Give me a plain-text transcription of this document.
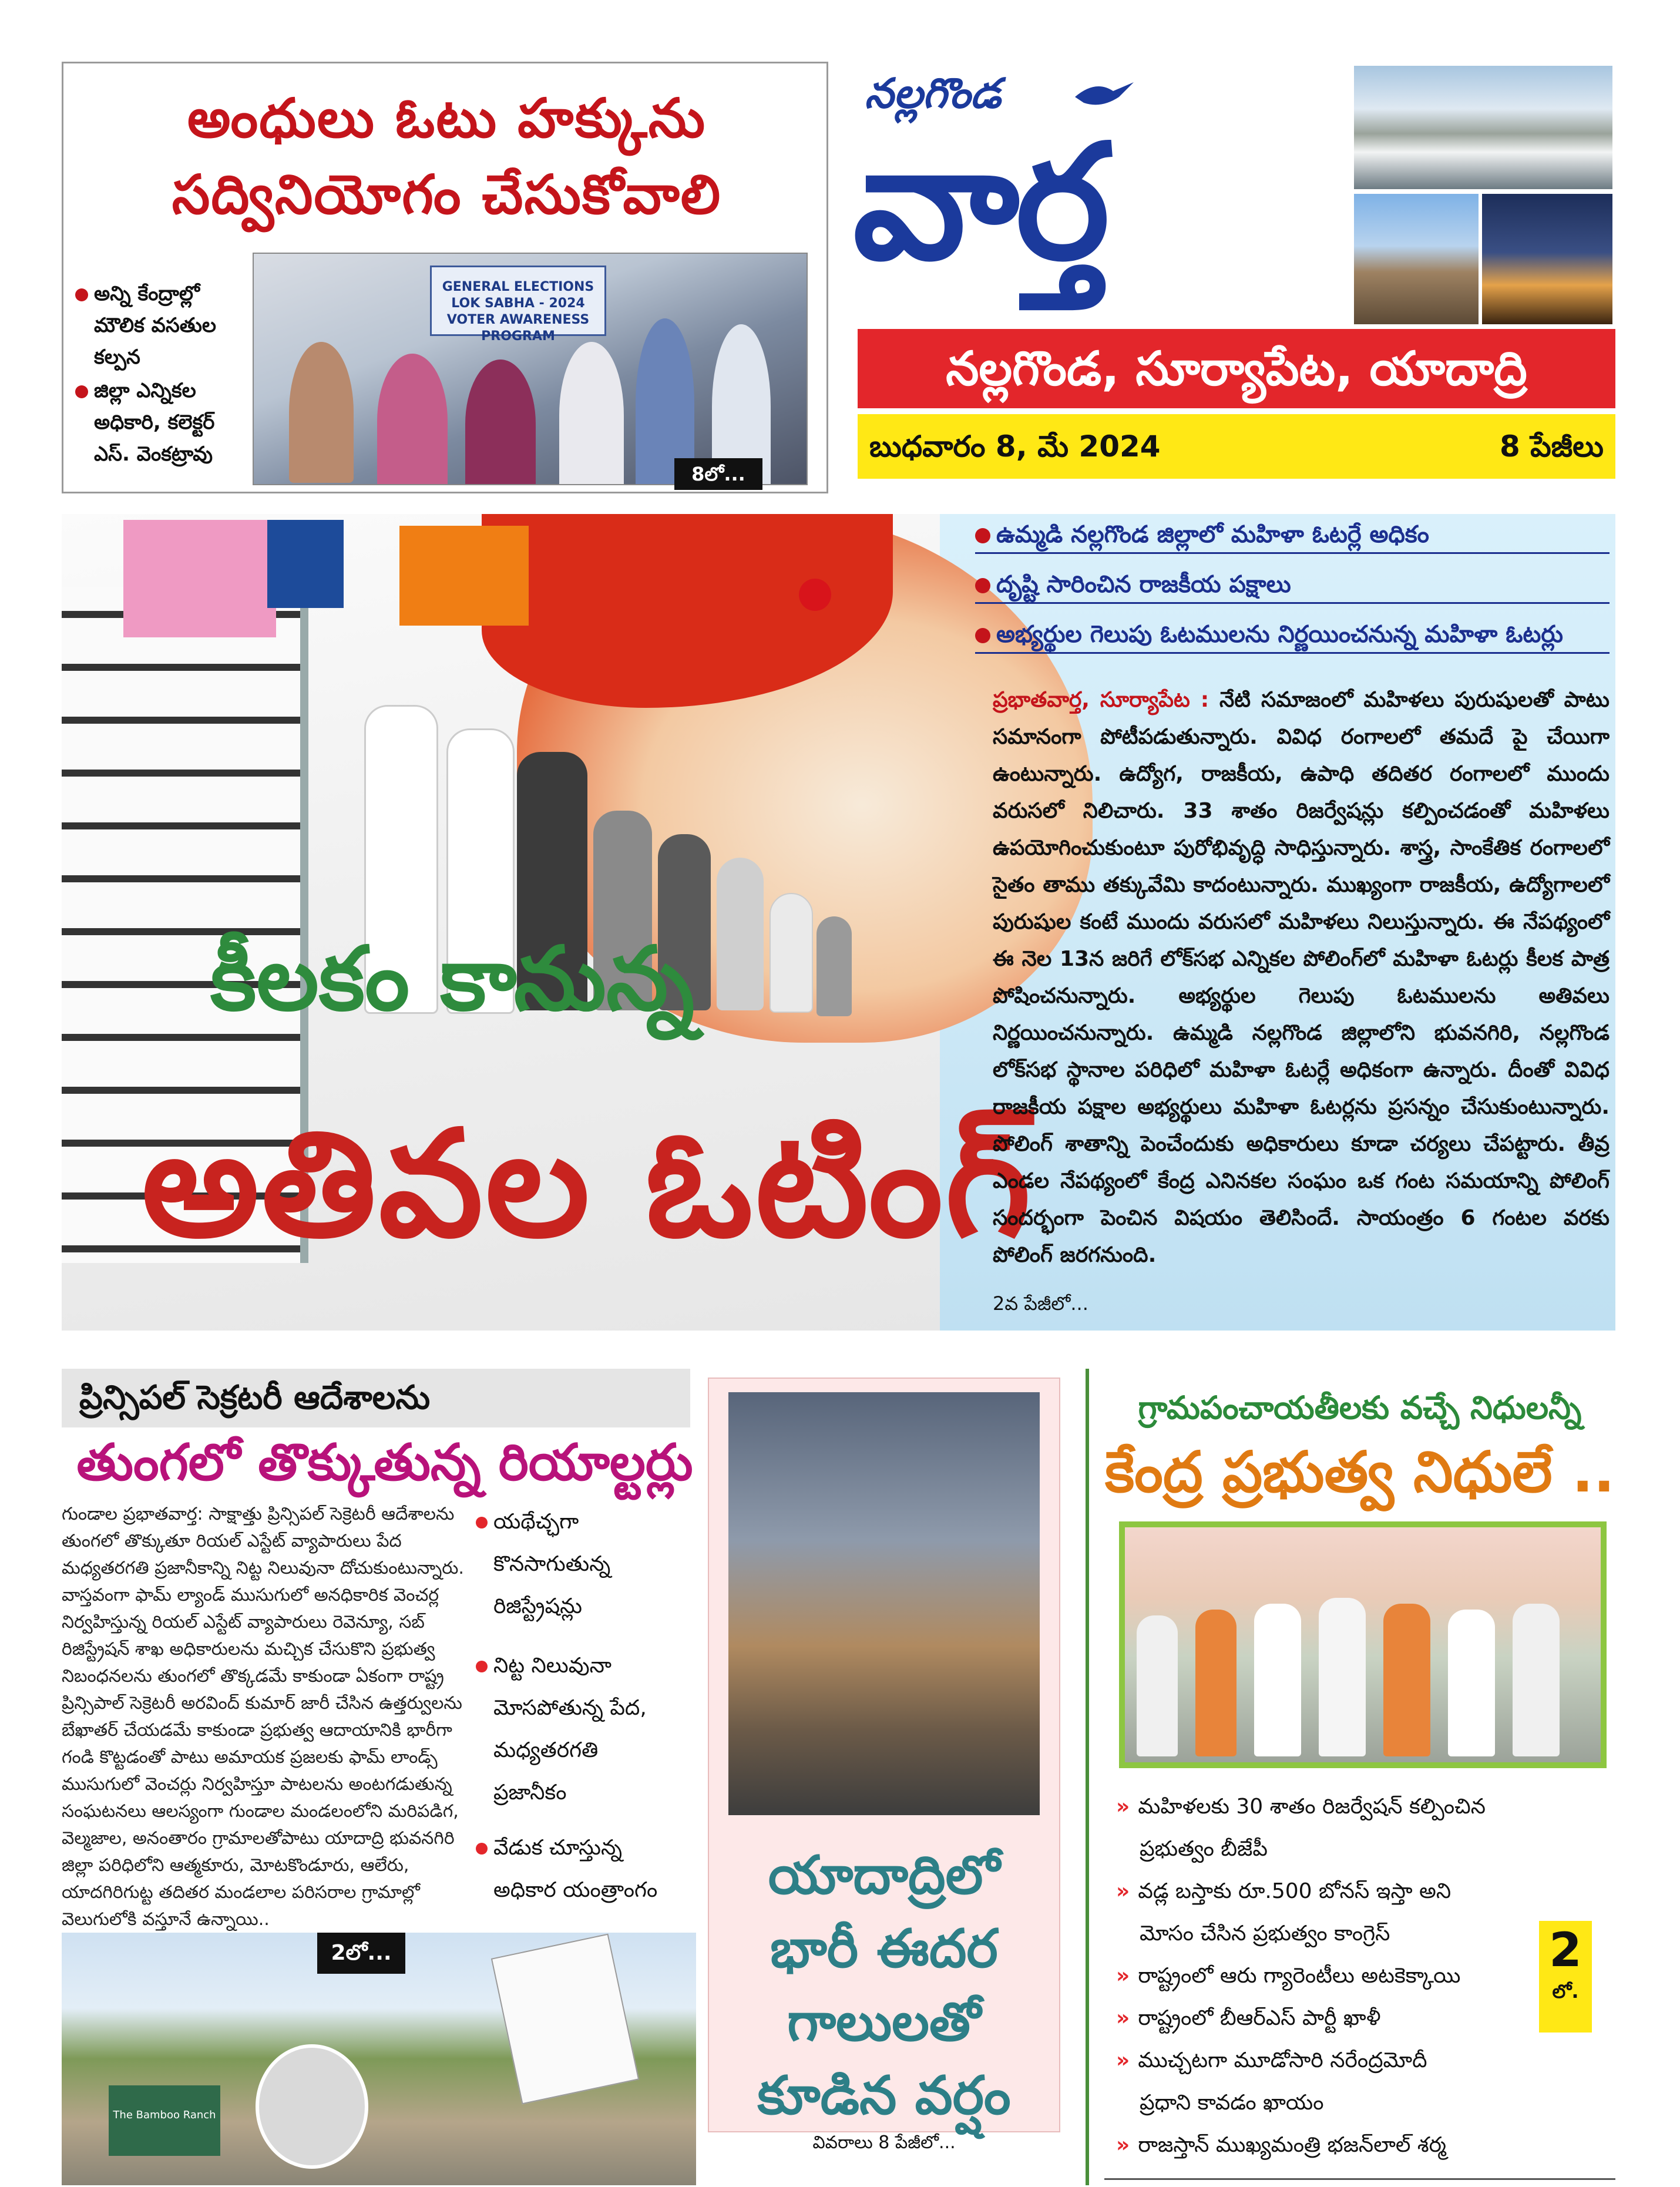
అంధులు ఓటు హక్కును
సద్వినియోగం చేసుకోవాలి
అన్ని కేంద్రాల్లో
మౌలిక వసతుల
కల్పన
జిల్లా ఎన్నికల
అధికారి, కలెక్టర్
ఎస్. వెంకట్రావు
GENERAL ELECTIONS LOK SABHA - 2024 VOTER AWARENESS PROGRAM
8లో...
నల్లగొండ
వార్త
నల్లగొండ, సూర్యాపేట, యాదాద్రి
బుధవారం 8, మే 2024	8 పేజీలు
కీలకం కానున్న
అతివల ఓటింగ్
2వ పేజీలో...
ఉమ్మడి నల్లగొండ జిల్లాలో మహిళా ఓటర్లే అధికం
దృష్టి సారించిన రాజకీయ పక్షాలు
అభ్యర్థుల గెలుపు ఓటములను నిర్ణయించనున్న మహిళా ఓటర్లు
ప్రభాతవార్త, సూర్యాపేట : నేటి సమాజంలో మహిళలు పురుషులతో పాటు సమానంగా పోటీపడుతున్నారు. వివిధ రంగాలలో తమదే పై చేయిగా ఉంటున్నారు. ఉద్యోగ, రాజకీయ, ఉపాధి తదితర రంగాలలో ముందు వరుసలో నిలిచారు. 33 శాతం రిజర్వేషన్లు కల్పించడంతో మహిళలు ఉపయోగించుకుంటూ పురోభివృద్ధి సాధిస్తున్నారు. శాస్త్ర, సాంకేతిక రంగాలలో సైతం తాము తక్కువేమి కాదంటున్నారు. ముఖ్యంగా రాజకీయ, ఉద్యోగాలలో పురుషుల కంటే ముందు వరుసలో మహిళలు నిలుస్తున్నారు. ఈ నేపథ్యంలో ఈ నెల 13న జరిగే లోక్‌సభ ఎన్నికల పోలింగ్‌లో మహిళా ఓటర్లు కీలక పాత్ర పోషించనున్నారు. అభ్యర్థుల గెలుపు ఓటములను అతివలు నిర్ణయించనున్నారు. ఉమ్మడి నల్లగొండ జిల్లాలోని భువనగిరి, నల్లగొండ లోక్‌సభ స్థానాల పరిధిలో మహిళా ఓటర్లే అధికంగా ఉన్నారు. దీంతో వివిధ రాజకీయ పక్షాల అభ్యర్థులు మహిళా ఓటర్లను ప్రసన్నం చేసుకుంటున్నారు. పోలింగ్ శాతాన్ని పెంచేందుకు అధికారులు కూడా చర్యలు చేపట్టారు. తీవ్ర ఎండల నేపథ్యంలో కేంద్ర ఎనినకల సంఘం ఒక గంట సమయాన్ని పోలింగ్ సందర్భంగా పెంచిన విషయం తెలిసిందే. సాయంత్రం 6 గంటల వరకు పోలింగ్ జరగనుంది.
ప్రిన్సిపల్ సెక్రటరీ ఆదేశాలను
తుంగలో తొక్కుతున్న రియాల్టర్లు
గుండాల ప్రభాతవార్త: సాక్షాత్తు ప్రిన్సిపల్ సెక్రెటరీ ఆదేశాలను తుంగలో తొక్కుతూ రియల్ ఎస్టేట్ వ్యాపారులు పేద మధ్యతరగతి ప్రజానీకాన్ని నిట్ట నిలువునా దోచుకుంటున్నారు. వాస్తవంగా ఫామ్ ల్యాండ్ ముసుగులో అనధికారిక వెంచర్ల నిర్వహిస్తున్న రియల్ ఎస్టేట్ వ్యాపారులు రెవెన్యూ, సబ్ రిజిస్ట్రేషన్ శాఖ అధికారులను మచ్చిక చేసుకొని ప్రభుత్వ నిబంధనలను తుంగలో తొక్కడమే కాకుండా ఏకంగా రాష్ట్ర ప్రిన్సిపాల్ సెక్రెటరీ అరవింద్ కుమార్ జారీ చేసిన ఉత్తర్వులను బేఖాతర్ చేయడమే కాకుండా ప్రభుత్వ ఆదాయానికి భారీగా గండి కొట్టడంతో పాటు అమాయక ప్రజలకు ఫామ్ లాండ్స్ ముసుగులో వెంచర్లు నిర్వహిస్తూ పాటలను అంటగడుతున్న సంఘటనలు ఆలస్యంగా గుండాల మండలంలోని మరిపడిగ, వెల్మజాల, అనంతారం గ్రామాలతోపాటు యాదాద్రి భువనగిరి జిల్లా పరిధిలోని ఆత్మకూరు, మోటకొండూరు, ఆలేరు, యాదగిరిగుట్ట తదితర మండలాల పరిసరాల గ్రామాల్లో వెలుగులోకి వస్తూనే ఉన్నాయి..
యథేచ్ఛగా
కొనసాగుతున్న
రిజిస్ట్రేషన్లు
నిట్ట నిలువునా
మోసపోతున్న పేద,
మధ్యతరగతి
ప్రజానీకం
వేడుక చూస్తున్న
అధికార యంత్రాంగం
The Bamboo Ranch
2లో...
యాదాద్రిలో
భారీ ఈదర
గాలులతో
కూడిన వర్షం
వివరాలు 8 పేజీలో...
గ్రామపంచాయతీలకు వచ్చే నిధులన్నీ
కేంద్ర ప్రభుత్వ నిధులే ..
» మహిళలకు 30 శాతం రిజర్వేషన్ కల్పించిన
ప్రభుత్వం బీజేపీ
» వడ్ల బస్తాకు రూ.500 బోనస్ ఇస్తా అని
మోసం చేసిన ప్రభుత్వం కాంగ్రెస్
» రాష్ట్రంలో ఆరు గ్యారెంటీలు అటకెక్కాయి
» రాష్ట్రంలో బీఆర్ఎస్ పార్టీ ఖాళీ
» ముచ్చటగా మూడోసారి నరేంద్రమోదీ
ప్రధాని కావడం ఖాయం
» రాజస్తాన్ ముఖ్యమంత్రి భజన్‌లాల్ శర్మ
2
లో.
